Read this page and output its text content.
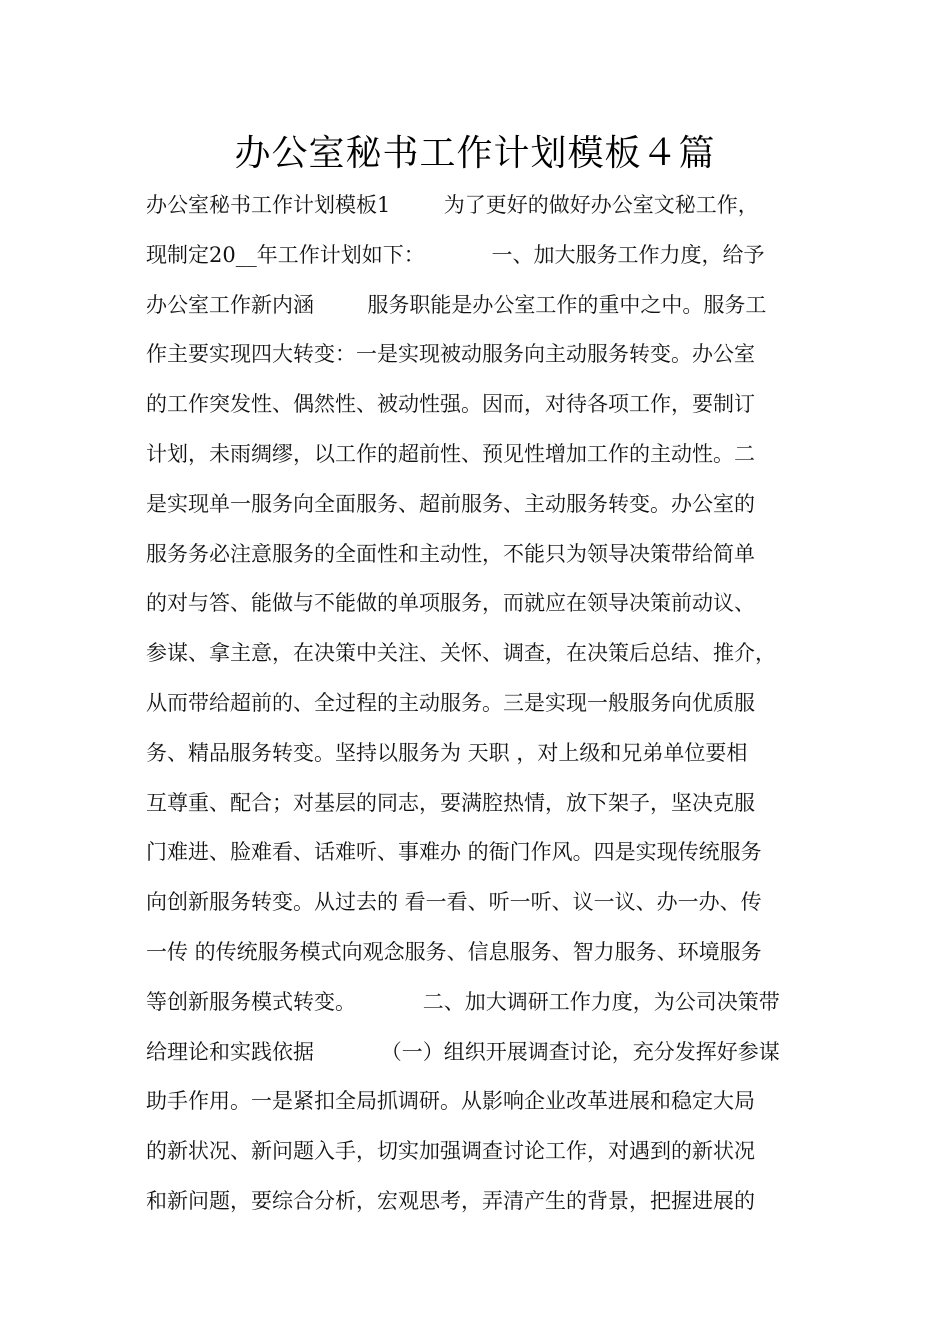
办公室秘书工作计划模板４篇
办公室秘书工作计划模板1        为了更好的做好办公室文秘工作，
现制定20__年工作计划如下：          一、加大服务工作力度，给予
办公室工作新内涵        服务职能是办公室工作的重中之中。服务工
作主要实现四大转变：一是实现被动服务向主动服务转变。办公室
的工作突发性、偶然性、被动性强。因而，对待各项工作，要制订
计划，未雨绸缪，以工作的超前性、预见性增加工作的主动性。二
是实现单一服务向全面服务、超前服务、主动服务转变。办公室的
服务务必注意服务的全面性和主动性，不能只为领导决策带给简单
的对与答、能做与不能做的单项服务，而就应在领导决策前动议、
参谋、拿主意，在决策中关注、关怀、调查，在决策后总结、推介，
从而带给超前的、全过程的主动服务。三是实现一般服务向优质服
务、精品服务转变。坚持以服务为 天职 ，对上级和兄弟单位要相
互尊重、配合；对基层的同志，要满腔热情，放下架子，坚决克服
门难进、脸难看、话难听、事难办 的衙门作风。四是实现传统服务
向创新服务转变。从过去的 看一看、听一听、议一议、办一办、传
一传 的传统服务模式向观念服务、信息服务、智力服务、环境服务
等创新服务模式转变。          二、加大调研工作力度，为公司决策带
给理论和实践依据          （一）组织开展调查讨论，充分发挥好参谋
助手作用。一是紧扣全局抓调研。从影响企业改革进展和稳定大局
的新状况、新问题入手，切实加强调查讨论工作，对遇到的新状况
和新问题，要综合分析，宏观思考，弄清产生的背景，把握进展的
